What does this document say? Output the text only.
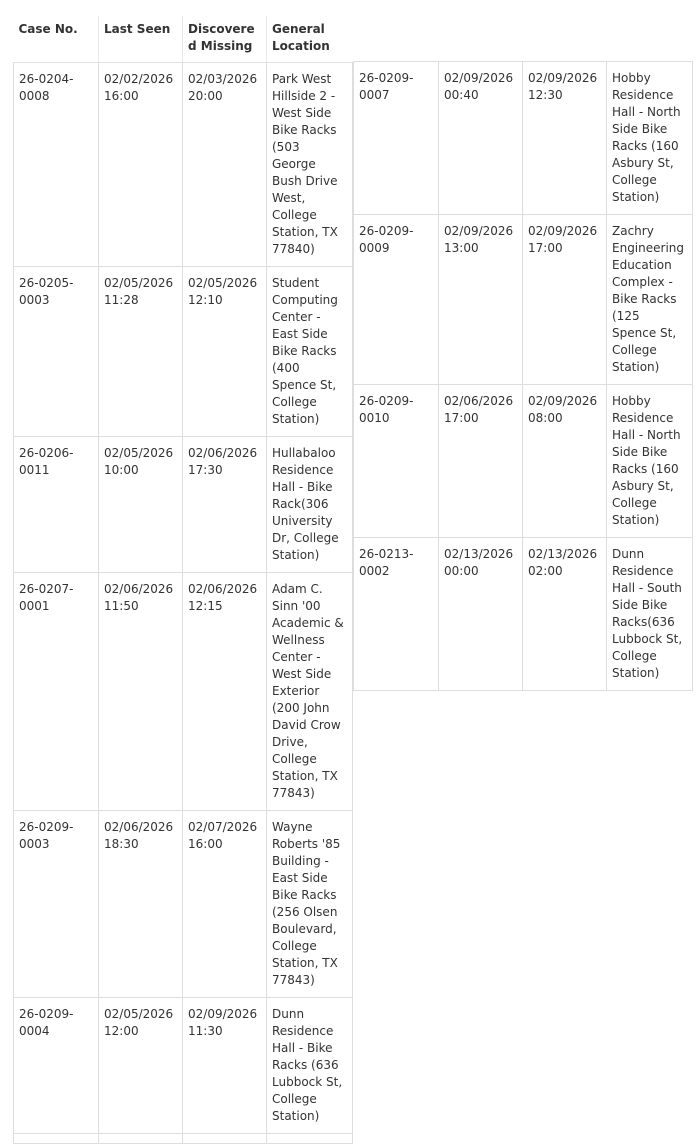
Case No.	Last Seen	Discovered Missing	General Location
26-0204-0008	02/02/2026 16:00	02/03/2026 20:00	Park West Hillside 2 - West Side Bike Racks (503 George Bush Drive West, College Station, TX 77840)
26-0205-0003	02/05/2026 11:28	02/05/2026 12:10	Student Computing Center - East Side Bike Racks (400 Spence St, College Station)
26-0206-0011	02/05/2026 10:00	02/06/2026 17:30	Hullabaloo Residence Hall - Bike Rack(306 University Dr, College Station)
26-0207-0001	02/06/2026 11:50	02/06/2026 12:15	Adam C. Sinn '00 Academic & Wellness Center - West Side Exterior (200 John David Crow Drive, College Station, TX 77843)
26-0209-0003	02/06/2026 18:30	02/07/2026 16:00	Wayne Roberts '85 Building - East Side Bike Racks (256 Olsen Boulevard, College Station, TX 77843)
26-0209-0004	02/05/2026 12:00	02/09/2026 11:30	Dunn Residence Hall - Bike Racks (636 Lubbock St, College Station)

26-0209-0007	02/09/2026 00:40	02/09/2026 12:30	Hobby Residence Hall - North Side Bike Racks (160 Asbury St, College Station)
26-0209-0009	02/09/2026 13:00	02/09/2026 17:00	Zachry Engineering Education Complex - Bike Racks (125 Spence St, College Station)
26-0209-0010	02/06/2026 17:00	02/09/2026 08:00	Hobby Residence Hall - North Side Bike Racks (160 Asbury St, College Station)
26-0213-0002	02/13/2026 00:00	02/13/2026 02:00	Dunn Residence Hall - South Side Bike Racks(636 Lubbock St, College Station)
